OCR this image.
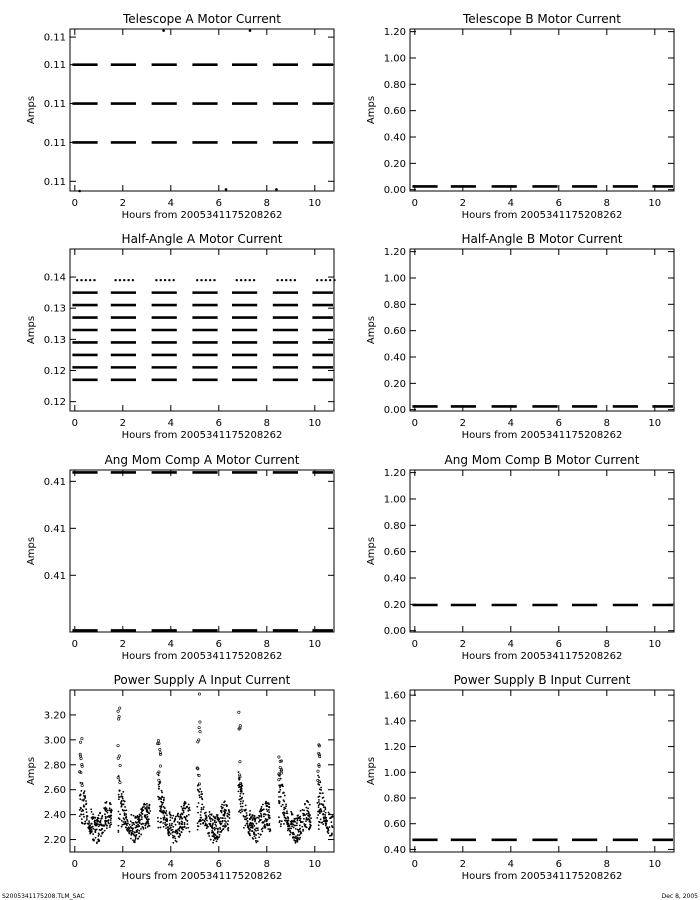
Telescope A Motor Current
0	2	4	6	8	10
Hours from 2005341175208262
0.11
0.11
0.11
0.11
0.11
Amps
Telescope B Motor Current
0	2	4	6	8	10
Hours from 2005341175208262
0.00
0.20
0.40
0.60
0.80
1.00
1.20
Amps
Half-Angle A Motor Current
0	2	4	6	8	10
Hours from 2005341175208262
0.12
0.12
0.13
0.13
0.14
Amps
Half-Angle B Motor Current
0	2	4	6	8	10
Hours from 2005341175208262
0.00
0.20
0.40
0.60
0.80
1.00
1.20
Amps
Ang Mom Comp A Motor Current
0	2	4	6	8	10
Hours from 2005341175208262
0.41
0.41
0.41
Amps
Ang Mom Comp B Motor Current
0	2	4	6	8	10
Hours from 2005341175208262
0.00
0.20
0.40
0.60
0.80
1.00
1.20
Amps
Power Supply A Input Current
0	2	4	6	8	10
Hours from 2005341175208262
2.20
2.40
2.60
2.80
3.00
3.20
Amps
Power Supply B Input Current
0	2	4	6	8	10
Hours from 2005341175208262
0.40
0.60
0.80
1.00
1.20
1.40
1.60
Amps
S2005341175208.TLM_SAC	Dec 8, 2005
